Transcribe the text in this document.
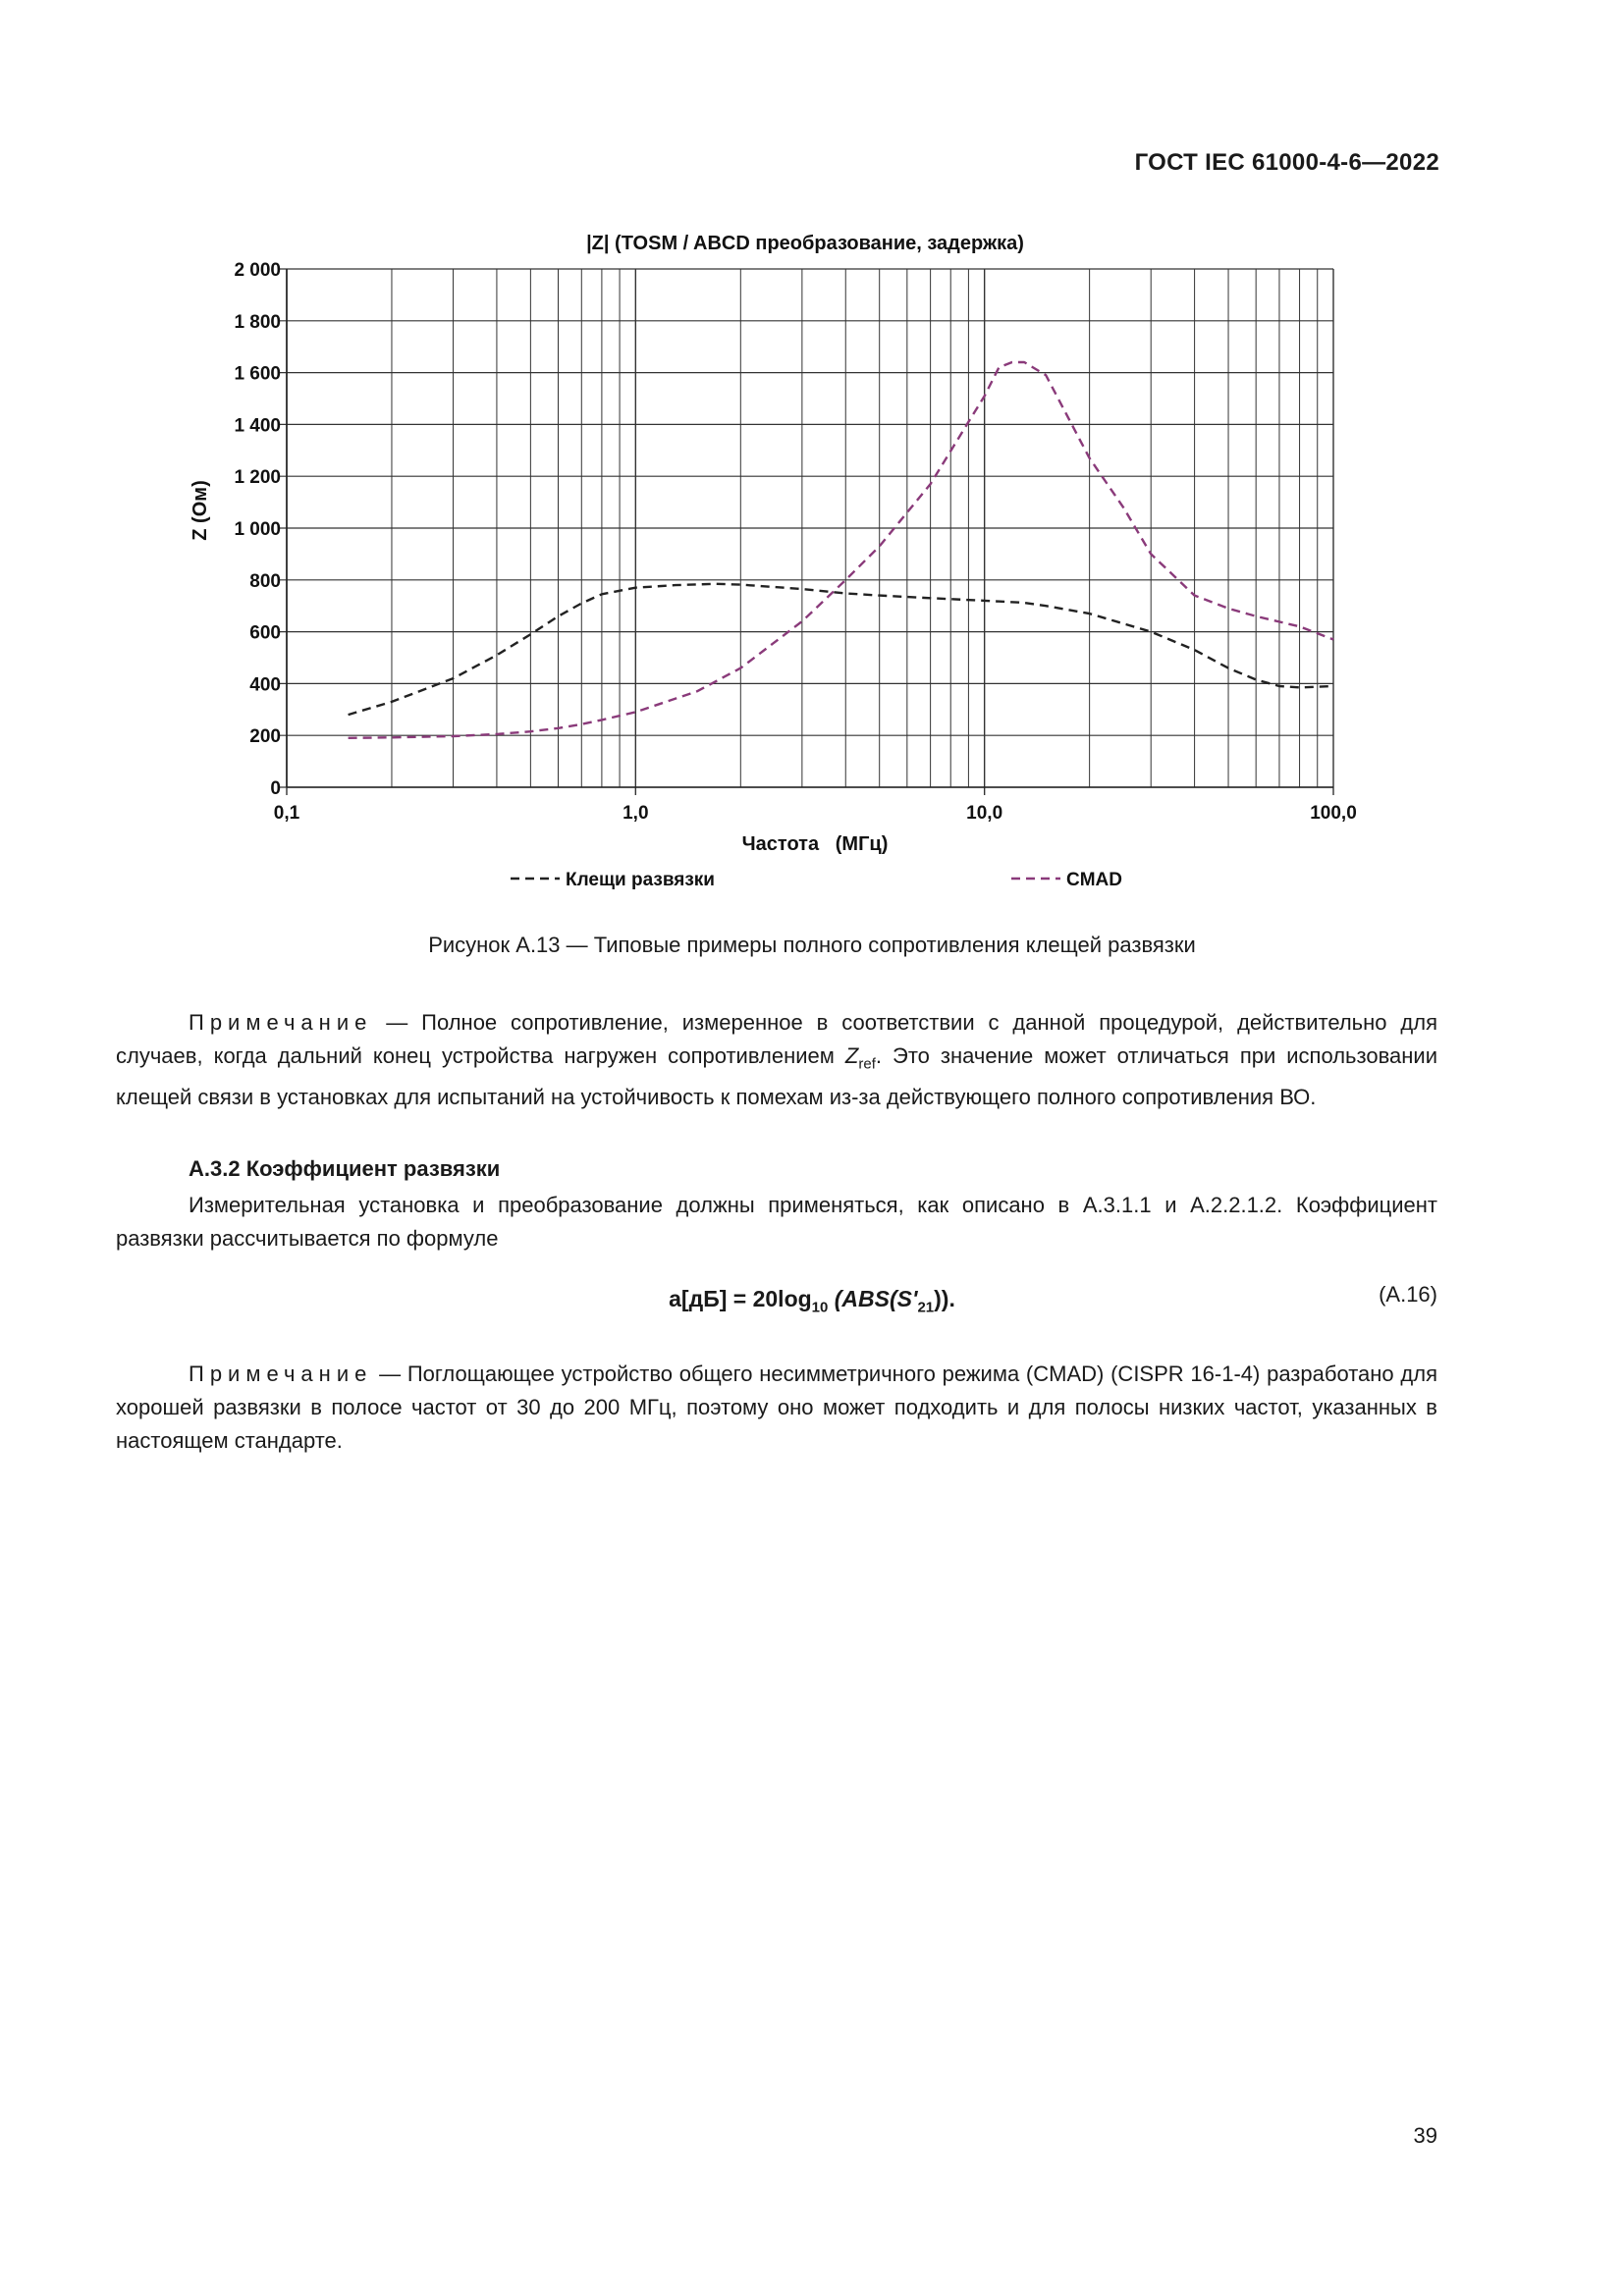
ГОСТ IEC 61000-4-6—2022
|Z| (TOSM / ABCD преобразование, задержка)
0
200
400
600
800
1 000
1 200
1 400
1 600
1 800
2 000
0,1	1,0	10,0	100,0
Z (Ом)
Частота   (МГц)
Клещи развязки	CMAD
Рисунок А.13 — Типовые примеры полного сопротивления клещей развязки
Примечание — Полное сопротивление, измеренное в соответствии с данной процедурой, действительно для случаев, когда дальний конец устройства нагружен сопротивлением $Z_{ref}$. Это значение может отличаться при использовании клещей связи в установках для испытаний на устойчивость к помехам из-за действующего полного сопротивления ВО.
А.3.2 Коэффициент развязки
Измерительная установка и преобразование должны применяться, как описано в А.3.1.1 и А.2.2.1.2. Коэффициент развязки рассчитывается по формуле
$a[дБ] = 20\log_{10}$ $(ABS(S'_{21}))$.	(А.16)
Примечание — Поглощающее устройство общего несимметричного режима (CMAD) (CISPR 16-1-4) разработано для хорошей развязки в полосе частот от 30 до 200 МГц, поэтому оно может подходить и для полосы низких частот, указанных в настоящем стандарте.
39
